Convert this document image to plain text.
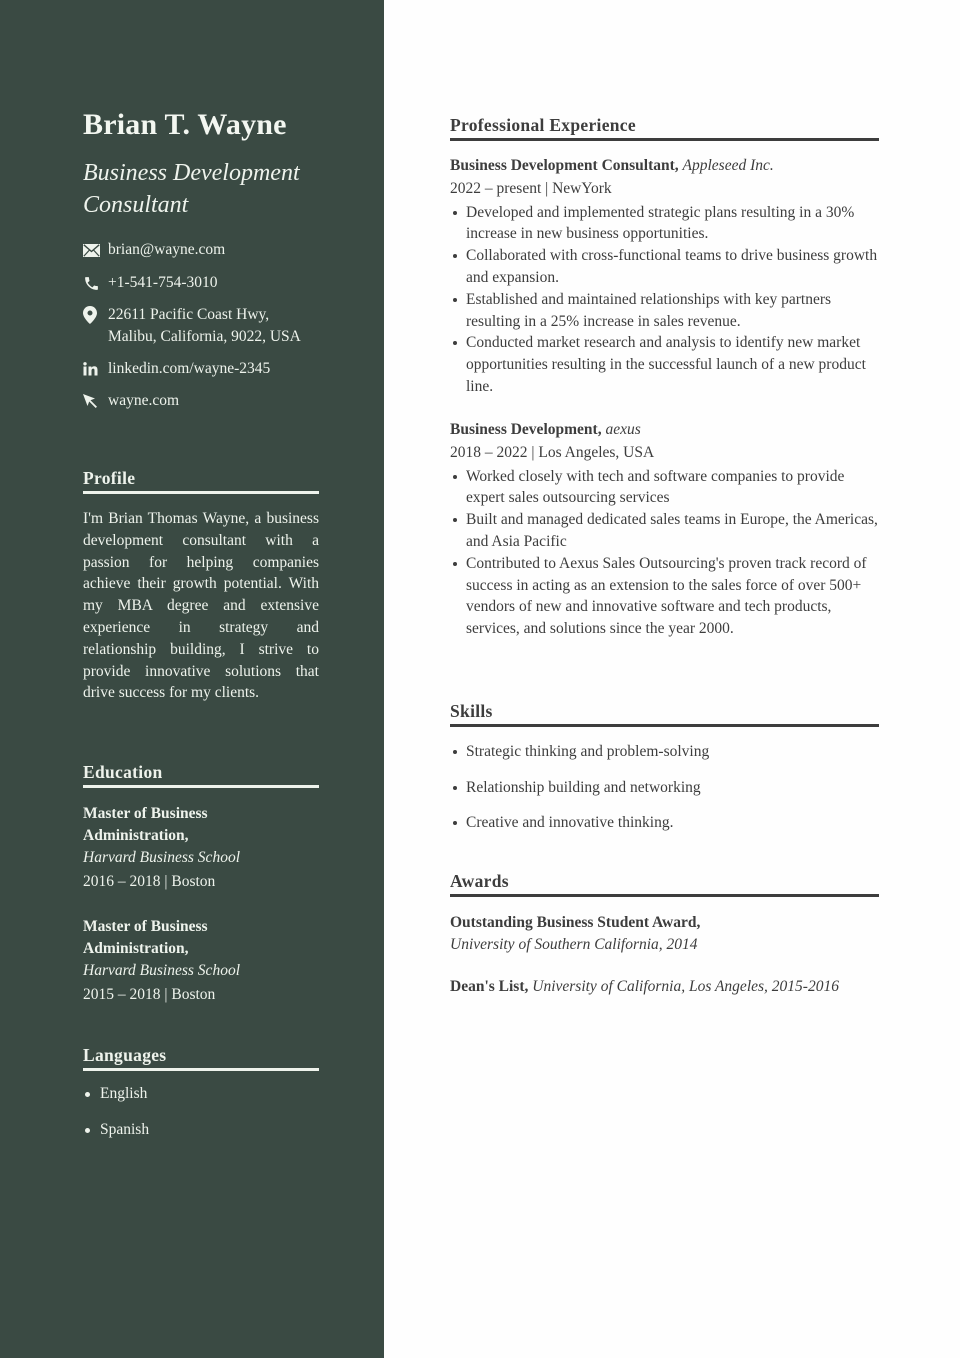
Brian T. Wayne
Business Development Consultant
brian@wayne.com
+1-541-754-3010
22611 Pacific Coast Hwy,
Malibu, California, 9022, USA
linkedin.com/wayne-2345
wayne.com
Profile
I'm Brian Thomas Wayne, a business development consultant with a passion for helping companies achieve their growth potential. With my MBA degree and extensive experience in strategy and relationship building, I strive to provide innovative solutions that drive success for my clients.
Education
Master of Business
Administration,
Harvard Business School
2016 – 2018 | Boston
Master of Business
Administration,
Harvard Business School
2015 – 2018 | Boston
Languages
English
Spanish
Professional Experience
Business Development Consultant, Appleseed Inc.
2022 – present | NewYork
Developed and implemented strategic plans resulting in a 30% increase in new business opportunities.
Collaborated with cross-functional teams to drive business growth and expansion.
Established and maintained relationships with key partners resulting in a 25% increase in sales revenue.
Conducted market research and analysis to identify new market opportunities resulting in the successful launch of a new product line.
Business Development, aexus
2018 – 2022 | Los Angeles, USA
Worked closely with tech and software companies to provide expert sales outsourcing services
Built and managed dedicated sales teams in Europe, the Americas, and Asia Pacific
Contributed to Aexus Sales Outsourcing's proven track record of success in acting as an extension to the sales force of over 500+ vendors of new and innovative software and tech products, services, and solutions since the year 2000.
Skills
Strategic thinking and problem-solving
Relationship building and networking
Creative and innovative thinking.
Awards
Outstanding Business Student Award,
University of Southern California, 2014
Dean's List, University of California, Los Angeles, 2015-2016
